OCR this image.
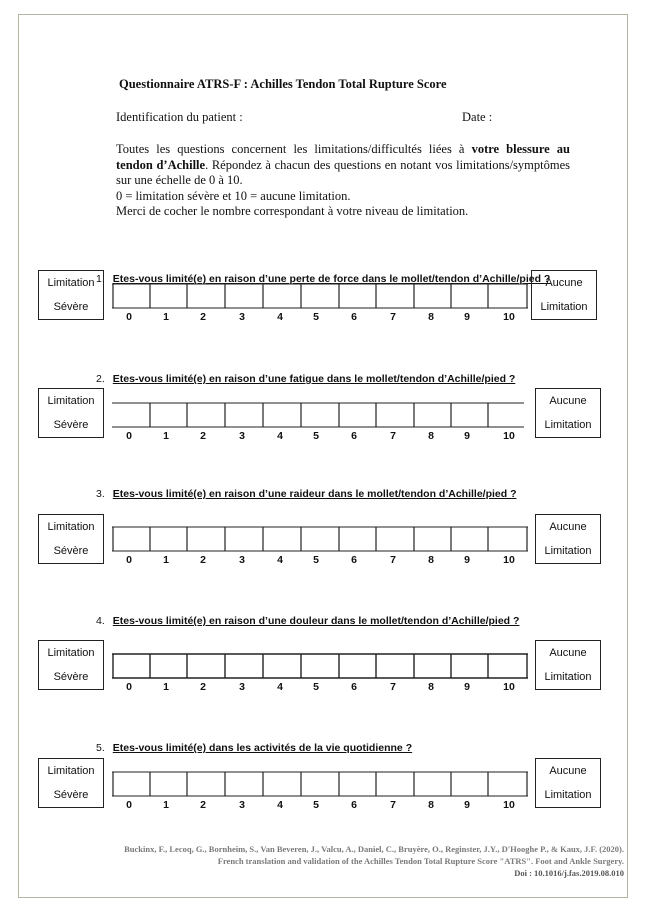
Questionnaire ATRS-F : Achilles Tendon Total Rupture Score
Identification du patient :	Date :

Toutes les questions concernent les limitations/difficultés liées à votre blessure au tendon d’Achille. Répondez à chacun des questions en notant vos limitations/symptômes sur une échelle de 0 à 10.

0 = limitation sévère et 10 = aucune limitation.

Merci de cocher le nombre correspondant à votre niveau de limitation.

1. Etes-vous limité(e) en raison d’une perte de force dans le mollet/tendon d’Achille/pied ?
Limitation
Sévère
Aucune
Limitation
0	1	2	3	4	5	6	7	8	9	10
2. Etes-vous limité(e) en raison d’une fatigue dans le mollet/tendon d’Achille/pied ?
Limitation
Sévère
Aucune
Limitation
0	1	2	3	4	5	6	7	8	9	10
3. Etes-vous limité(e) en raison d’une raideur dans le mollet/tendon d’Achille/pied ?
Limitation
Sévère
Aucune
Limitation
0	1	2	3	4	5	6	7	8	9	10
4. Etes-vous limité(e) en raison d’une douleur dans le mollet/tendon d’Achille/pied ?
Limitation
Sévère
Aucune
Limitation
0	1	2	3	4	5	6	7	8	9	10
5. Etes-vous limité(e) dans les activités de la vie quotidienne ?
Limitation
Sévère
Aucune
Limitation
0	1	2	3	4	5	6	7	8	9	10
Buckinx, F., Lecoq, G., Bornheim, S., Van Beveren, J., Valcu, A., Daniel, C., Bruyère, O., Reginster, J.Y., D'Hooghe P., & Kaux, J.F. (2020).
French translation and validation of the Achilles Tendon Total Rupture Score "ATRS". Foot and Ankle Surgery.
Doi : 10.1016/j.fas.2019.08.010
